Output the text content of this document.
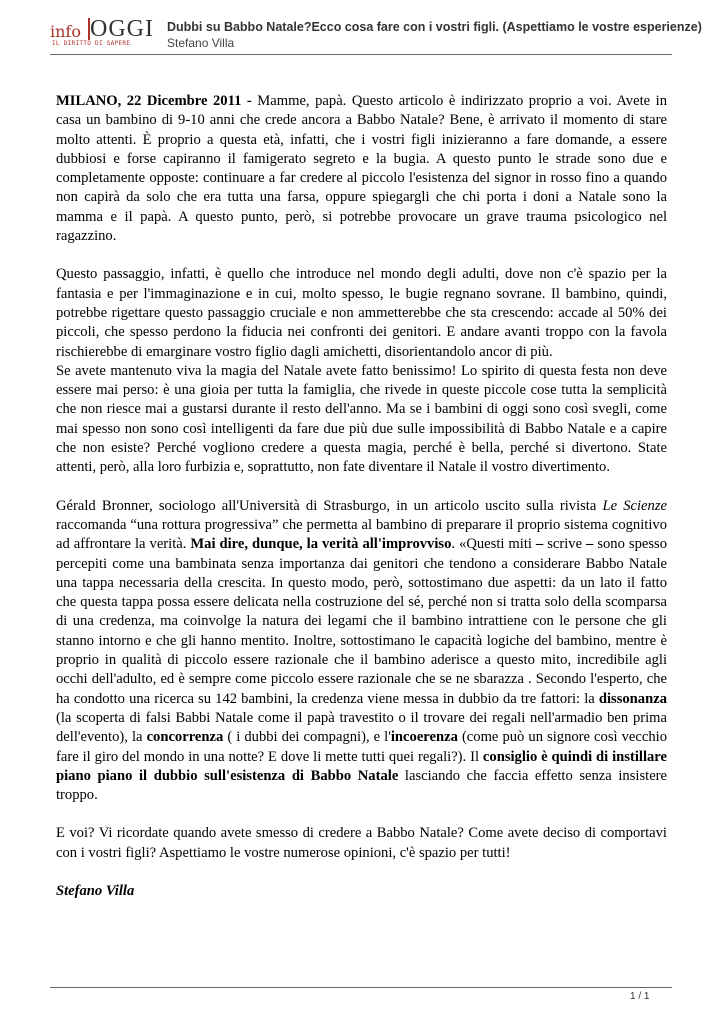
info OGGI
IL DIRITTO DI SAPERE
Dubbi su Babbo Natale?Ecco cosa fare con i vostri figli. (Aspettiamo le vostre esperienze)
Stefano Villa

MILANO, 22 Dicembre 2011 - Mamme, papà. Questo articolo è indirizzato proprio a voi. Avete in casa un bambino di 9-10 anni che crede ancora a Babbo Natale? Bene, è arrivato il momento di stare molto attenti. È proprio a questa età, infatti, che i vostri figli inizieranno a fare domande, a essere dubbiosi e forse capiranno il famigerato segreto e la bugia. A questo punto le strade sono due e completamente opposte: continuare a far credere al piccolo l'esistenza del signor in rosso fino a quando non capirà da solo che era tutta una farsa, oppure spiegargli che chi porta i doni a Natale sono la mamma e il papà. A questo punto, però, si potrebbe provocare un grave trauma psicologico nel ragazzino.

Questo passaggio, infatti, è quello che introduce nel mondo degli adulti, dove non c'è spazio per la fantasia e per l'immaginazione e in cui, molto spesso, le bugie regnano sovrane. Il bambino, quindi, potrebbe rigettare questo passaggio cruciale e non ammetterebbe che sta crescendo: accade al 50% dei piccoli, che spesso perdono la fiducia nei confronti dei genitori. E andare avanti troppo con la favola rischierebbe di emarginare vostro figlio dagli amichetti, disorientandolo ancor di più.

Se avete mantenuto viva la magia del Natale avete fatto benissimo! Lo spirito di questa festa non deve essere mai perso: è una gioia per tutta la famiglia, che rivede in queste piccole cose tutta la semplicità che non riesce mai a gustarsi durante il resto dell'anno. Ma se i bambini di oggi sono così svegli, come mai spesso non sono così intelligenti da fare due più due sulle impossibilità di Babbo Natale e a capire che non esiste? Perché vogliono credere a questa magia, perché è bella, perché si divertono. State attenti, però, alla loro furbizia e, soprattutto, non fate diventare il Natale il vostro divertimento.

Gérald Bronner, sociologo all'Università di Strasburgo, in un articolo uscito sulla rivista Le Scienze raccomanda “una rottura progressiva” che permetta al bambino di preparare il proprio sistema cognitivo ad affrontare la verità. Mai dire, dunque, la verità all'improvviso. «Questi miti – scrive – sono spesso percepiti come una bambinata senza importanza dai genitori che tendono a considerare Babbo Natale una tappa necessaria della crescita. In questo modo, però, sottostimano due aspetti: da un lato il fatto che questa tappa possa essere delicata nella costruzione del sé, perché non si tratta solo della scomparsa di una credenza, ma coinvolge la natura dei legami che il bambino intrattiene con le persone che gli stanno intorno e che gli hanno mentito. Inoltre, sottostimano le capacità logiche del bambino, mentre è proprio in qualità di piccolo essere razionale che il bambino aderisce a questo mito, incredibile agli occhi dell'adulto, ed è sempre come piccolo essere razionale che se ne sbarazza . Secondo l'esperto, che ha condotto una ricerca su 142 bambini, la credenza viene messa in dubbio da tre fattori: la dissonanza (la scoperta di falsi Babbi Natale come il papà travestito o il trovare dei regali nell'armadio ben prima dell'evento), la concorrenza ( i dubbi dei compagni), e l'incoerenza (come può un signore così vecchio fare il giro del mondo in una notte? E dove li mette tutti quei regali?). Il consiglio è quindi di instillare piano piano il dubbio sull'esistenza di Babbo Natale lasciando che faccia effetto senza insistere troppo.

E voi? Vi ricordate quando avete smesso di credere a Babbo Natale? Come avete deciso di comportavi con i vostri figli? Aspettiamo le vostre numerose opinioni, c'è spazio per tutti!

Stefano Villa

1 / 1
